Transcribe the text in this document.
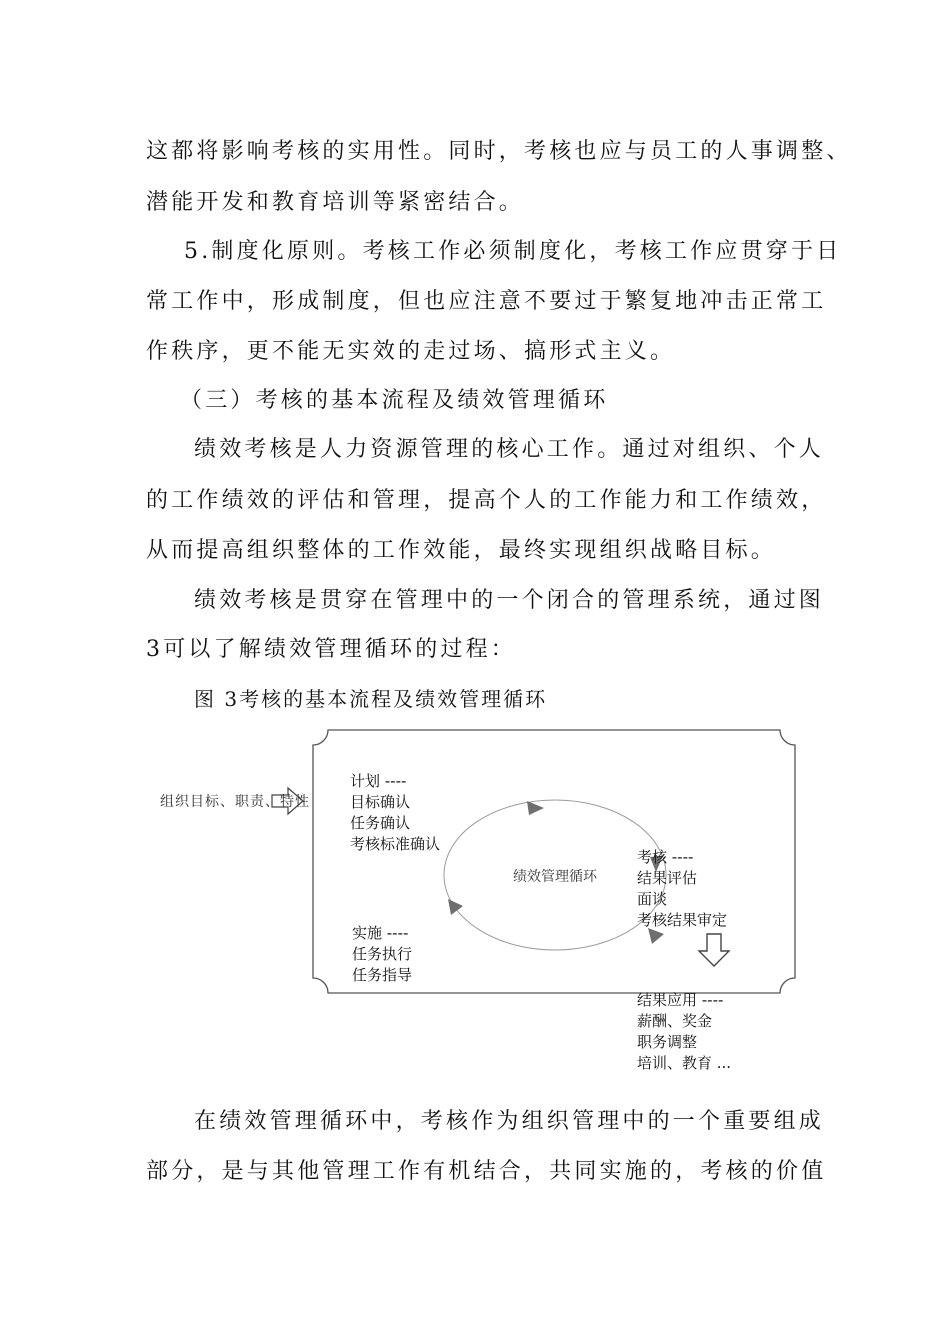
这都将影响考核的实用性。同时，考核也应与员工的人事调整、
潜能开发和教育培训等紧密结合。
5.制度化原则。考核工作必须制度化，考核工作应贯穿于日
常工作中，形成制度，但也应注意不要过于繁复地冲击正常工
作秩序，更不能无实效的走过场、搞形式主义。
（三）考核的基本流程及绩效管理循环
绩效考核是人力资源管理的核心工作。通过对组织、个人
的工作绩效的评估和管理，提高个人的工作能力和工作绩效，
从而提高组织整体的工作效能，最终实现组织战略目标。
绩效考核是贯穿在管理中的一个闭合的管理系统，通过图
3可以了解绩效管理循环的过程：
图 3考核的基本流程及绩效管理循环
组织目标、职责、特性
计划 ----
目标确认
任务确认
考核标准确认
绩效管理循环
考核 ----
结果评估
面谈
考核结果审定
实施 ----
任务执行
任务指导
结果应用 ----
薪酬、奖金
职务调整
培训、教育 ...
在绩效管理循环中，考核作为组织管理中的一个重要组成
部分，是与其他管理工作有机结合，共同实施的，考核的价值
